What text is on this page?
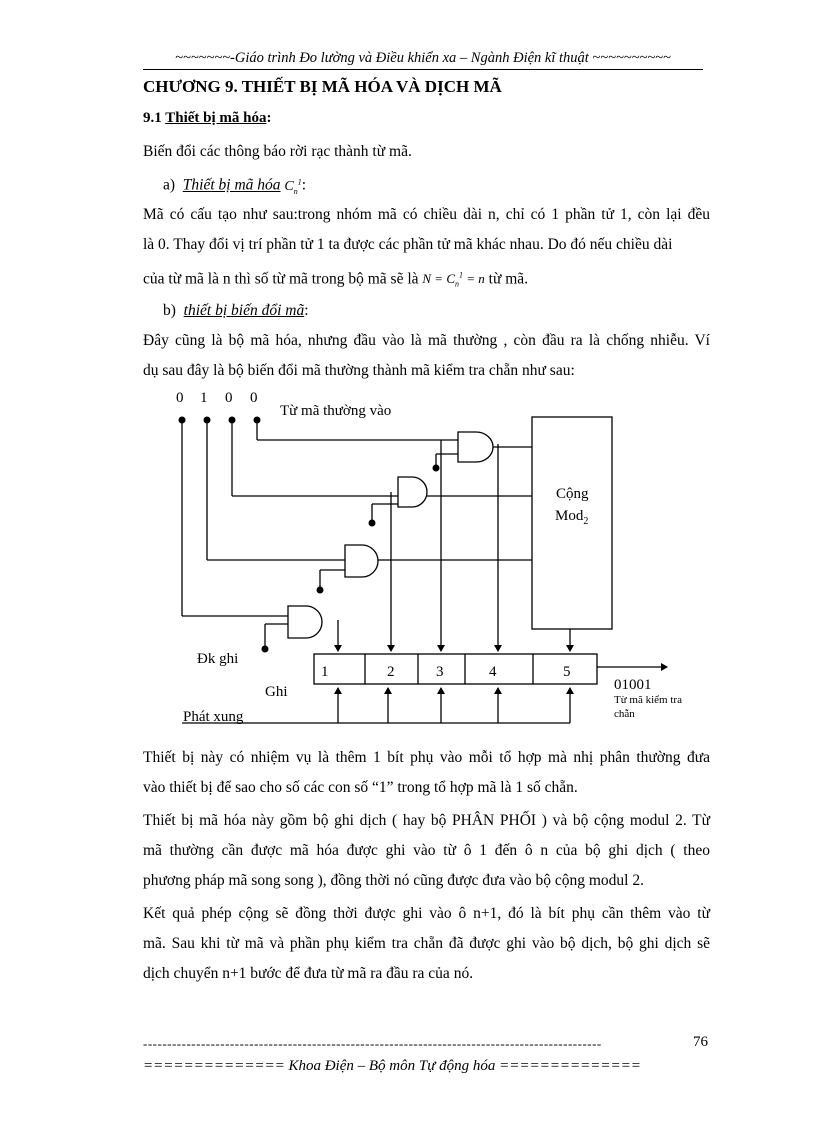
~~~~~~~-Giáo trình Đo lường và Điều khiển xa – Ngành Điện kĩ thuật ~~~~~~~~~~
CHƯƠNG 9. THIẾT BỊ MÃ HÓA VÀ DỊCH MÃ
9.1 Thiết bị mã hóa:
Biến đổi các thông báo rời rạc thành từ mã.
a) Thiết bị mã hóa $C_n^1$:
Mã có cấu tạo như sau:trong nhóm mã có chiều dài n, chỉ có 1 phần tử 1, còn lại đều
là 0. Thay đổi vị trí phần tử 1 ta được các phần tử mã khác nhau. Do đó nếu chiều dài
của từ mã là n thì số từ mã trong bộ mã sẽ là $N = C_n^1 = n$ từ mã.
b) thiết bị biến đổi mã:
Đây cũng là bộ mã hóa, nhưng đầu vào là mã thường , còn đầu ra là chống nhiễu. Ví
dụ sau đây là bộ biến đổi mã thường thành mã kiểm tra chẵn như sau:
0 1 0 0
Từ mã thường vào
Cộng
Mod$_2$
Đk ghi
Ghi
Phát xung
1	2	3	4	5
01001
Từ mã kiểm tra
chẵn
Thiết bị này có nhiệm vụ là thêm 1 bít phụ vào mỗi tổ hợp mà nhị phân thường đưa
vào thiết bị để sao cho số các con số “1” trong tổ hợp mã là 1 số chẵn.
Thiết bị mã hóa này gồm bộ ghi dịch ( hay bộ PHÂN PHỐI ) và bộ cộng modul 2. Từ
mã thường cần được mã hóa được ghi vào từ ô 1 đến ô n của bộ ghi dịch ( theo
phương pháp mã song song ), đồng thời nó cũng được đưa vào bộ cộng modul 2.
Kết quả phép cộng sẽ đồng thời được ghi vào ô n+1, đó là bít phụ cần thêm vào từ
mã. Sau khi từ mã và phần phụ kiểm tra chẵn đã được ghi vào bộ dịch, bộ ghi dịch sẽ
dịch chuyển n+1 bước để đưa từ mã ra đầu ra của nó.
-----------------------------------------------------------------------------------------------	76
============== Khoa Điện – Bộ môn Tự động hóa ==============
